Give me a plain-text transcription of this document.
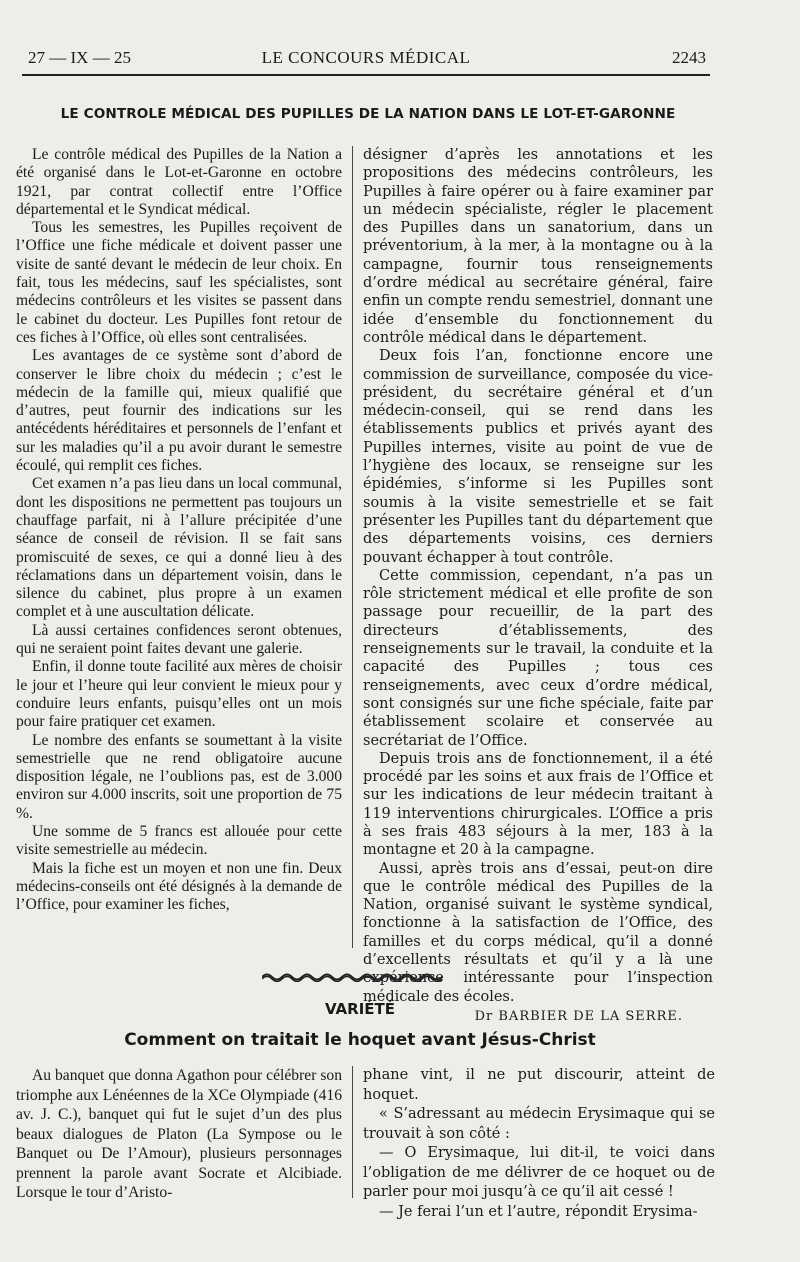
27 — IX — 25	LE CONCOURS MÉDICAL	2243
LE CONTROLE MÉDICAL DES PUPILLES DE LA NATION DANS LE LOT-ET-GARONNE

Le contrôle médical des Pupilles de la Nation a été organisé dans le Lot-et-Garonne en octobre 1921, par contrat collectif entre l’Office départemental et le Syndicat médical.

Tous les semestres, les Pupilles reçoivent de l’Office une fiche médicale et doivent passer une visite de santé devant le médecin de leur choix. En fait, tous les médecins, sauf les spécialistes, sont médecins contrôleurs et les visites se passent dans le cabinet du docteur. Les Pupilles font retour de ces fiches à l’Office, où elles sont centralisées.

Les avantages de ce système sont d’abord de conserver le libre choix du médecin ; c’est le médecin de la famille qui, mieux qualifié que d’autres, peut fournir des indications sur les antécédents héréditaires et personnels de l’enfant et sur les maladies qu’il a pu avoir durant le semestre écoulé, qui remplit ces fiches.

Cet examen n’a pas lieu dans un local communal, dont les dispositions ne permettent pas toujours un chauffage parfait, ni à l’allure précipitée d’une séance de conseil de révision. Il se fait sans promiscuité de sexes, ce qui a donné lieu à des réclamations dans un département voisin, dans le silence du cabinet, plus propre à un examen complet et à une auscultation délicate.

Là aussi certaines confidences seront obtenues, qui ne seraient point faites devant une galerie.

Enfin, il donne toute facilité aux mères de choisir le jour et l’heure qui leur convient le mieux pour y conduire leurs enfants, puisqu’elles ont un mois pour faire pratiquer cet examen.

Le nombre des enfants se soumettant à la visite semestrielle que ne rend obligatoire aucune disposition légale, ne l’oublions pas, est de 3.000 environ sur 4.000 inscrits, soit une proportion de 75 %.

Une somme de 5 francs est allouée pour cette visite semestrielle au médecin.

Mais la fiche est un moyen et non une fin. Deux médecins-conseils ont été désignés à la demande de l’Office, pour examiner les fiches,

désigner d’après les annotations et les propositions des médecins contrôleurs, les Pupilles à faire opérer ou à faire examiner par un médecin spécialiste, régler le placement des Pupilles dans un sanatorium, dans un préventorium, à la mer, à la montagne ou à la campagne, fournir tous renseignements d’ordre médical au secrétaire général, faire enfin un compte rendu semestriel, donnant une idée d’ensemble du fonctionnement du contrôle médical dans le département.

Deux fois l’an, fonctionne encore une commission de surveillance, composée du vice-président, du secrétaire général et d’un médecin-conseil, qui se rend dans les établissements publics et privés ayant des Pupilles internes, visite au point de vue de l’hygiène des locaux, se renseigne sur les épidémies, s’informe si les Pupilles sont soumis à la visite semestrielle et se fait présenter les Pupilles tant du département que des départements voisins, ces derniers pouvant échapper à tout contrôle.

Cette commission, cependant, n’a pas un rôle strictement médical et elle profite de son passage pour recueillir, de la part des directeurs d’établissements, des renseignements sur le travail, la conduite et la capacité des Pupilles ; tous ces renseignements, avec ceux d’ordre médical, sont consignés sur une fiche spéciale, faite par établissement scolaire et conservée au secrétariat de l’Office.

Depuis trois ans de fonctionnement, il a été procédé par les soins et aux frais de l’Office et sur les indications de leur médecin traitant à 119 interventions chirurgicales. L’Office a pris à ses frais 483 séjours à la mer, 183 à la montagne et 20 à la campagne.

Aussi, après trois ans d’essai, peut-on dire que le contrôle médical des Pupilles de la Nation, organisé suivant le système syndical, fonctionne à la satisfaction de l’Office, des familles et du corps médical, qu’il a donné d’excellents résultats et qu’il y a là une expérience intéressante pour l’inspection médicale des écoles.

Dr BARBIER DE LA SERRE.
VARIÉTÉ
Comment on traitait le hoquet avant Jésus-Christ

Au banquet que donna Agathon pour célébrer son triomphe aux Lénéennes de la XCe Olympiade (416 av. J. C.), banquet qui fut le sujet d’un des plus beaux dialogues de Platon (La Sympose ou le Banquet ou De l’Amour), plusieurs personnages prennent la parole avant Socrate et Alcibiade. Lorsque le tour d’Aristo-

phane vint, il ne put discourir, atteint de hoquet.

« S’adressant au médecin Erysimaque qui se trouvait à son côté :

— O Erysimaque, lui dit-il, te voici dans l’obligation de me délivrer de ce hoquet ou de parler pour moi jusqu’à ce qu’il ait cessé !

— Je ferai l’un et l’autre, répondit Erysima-
